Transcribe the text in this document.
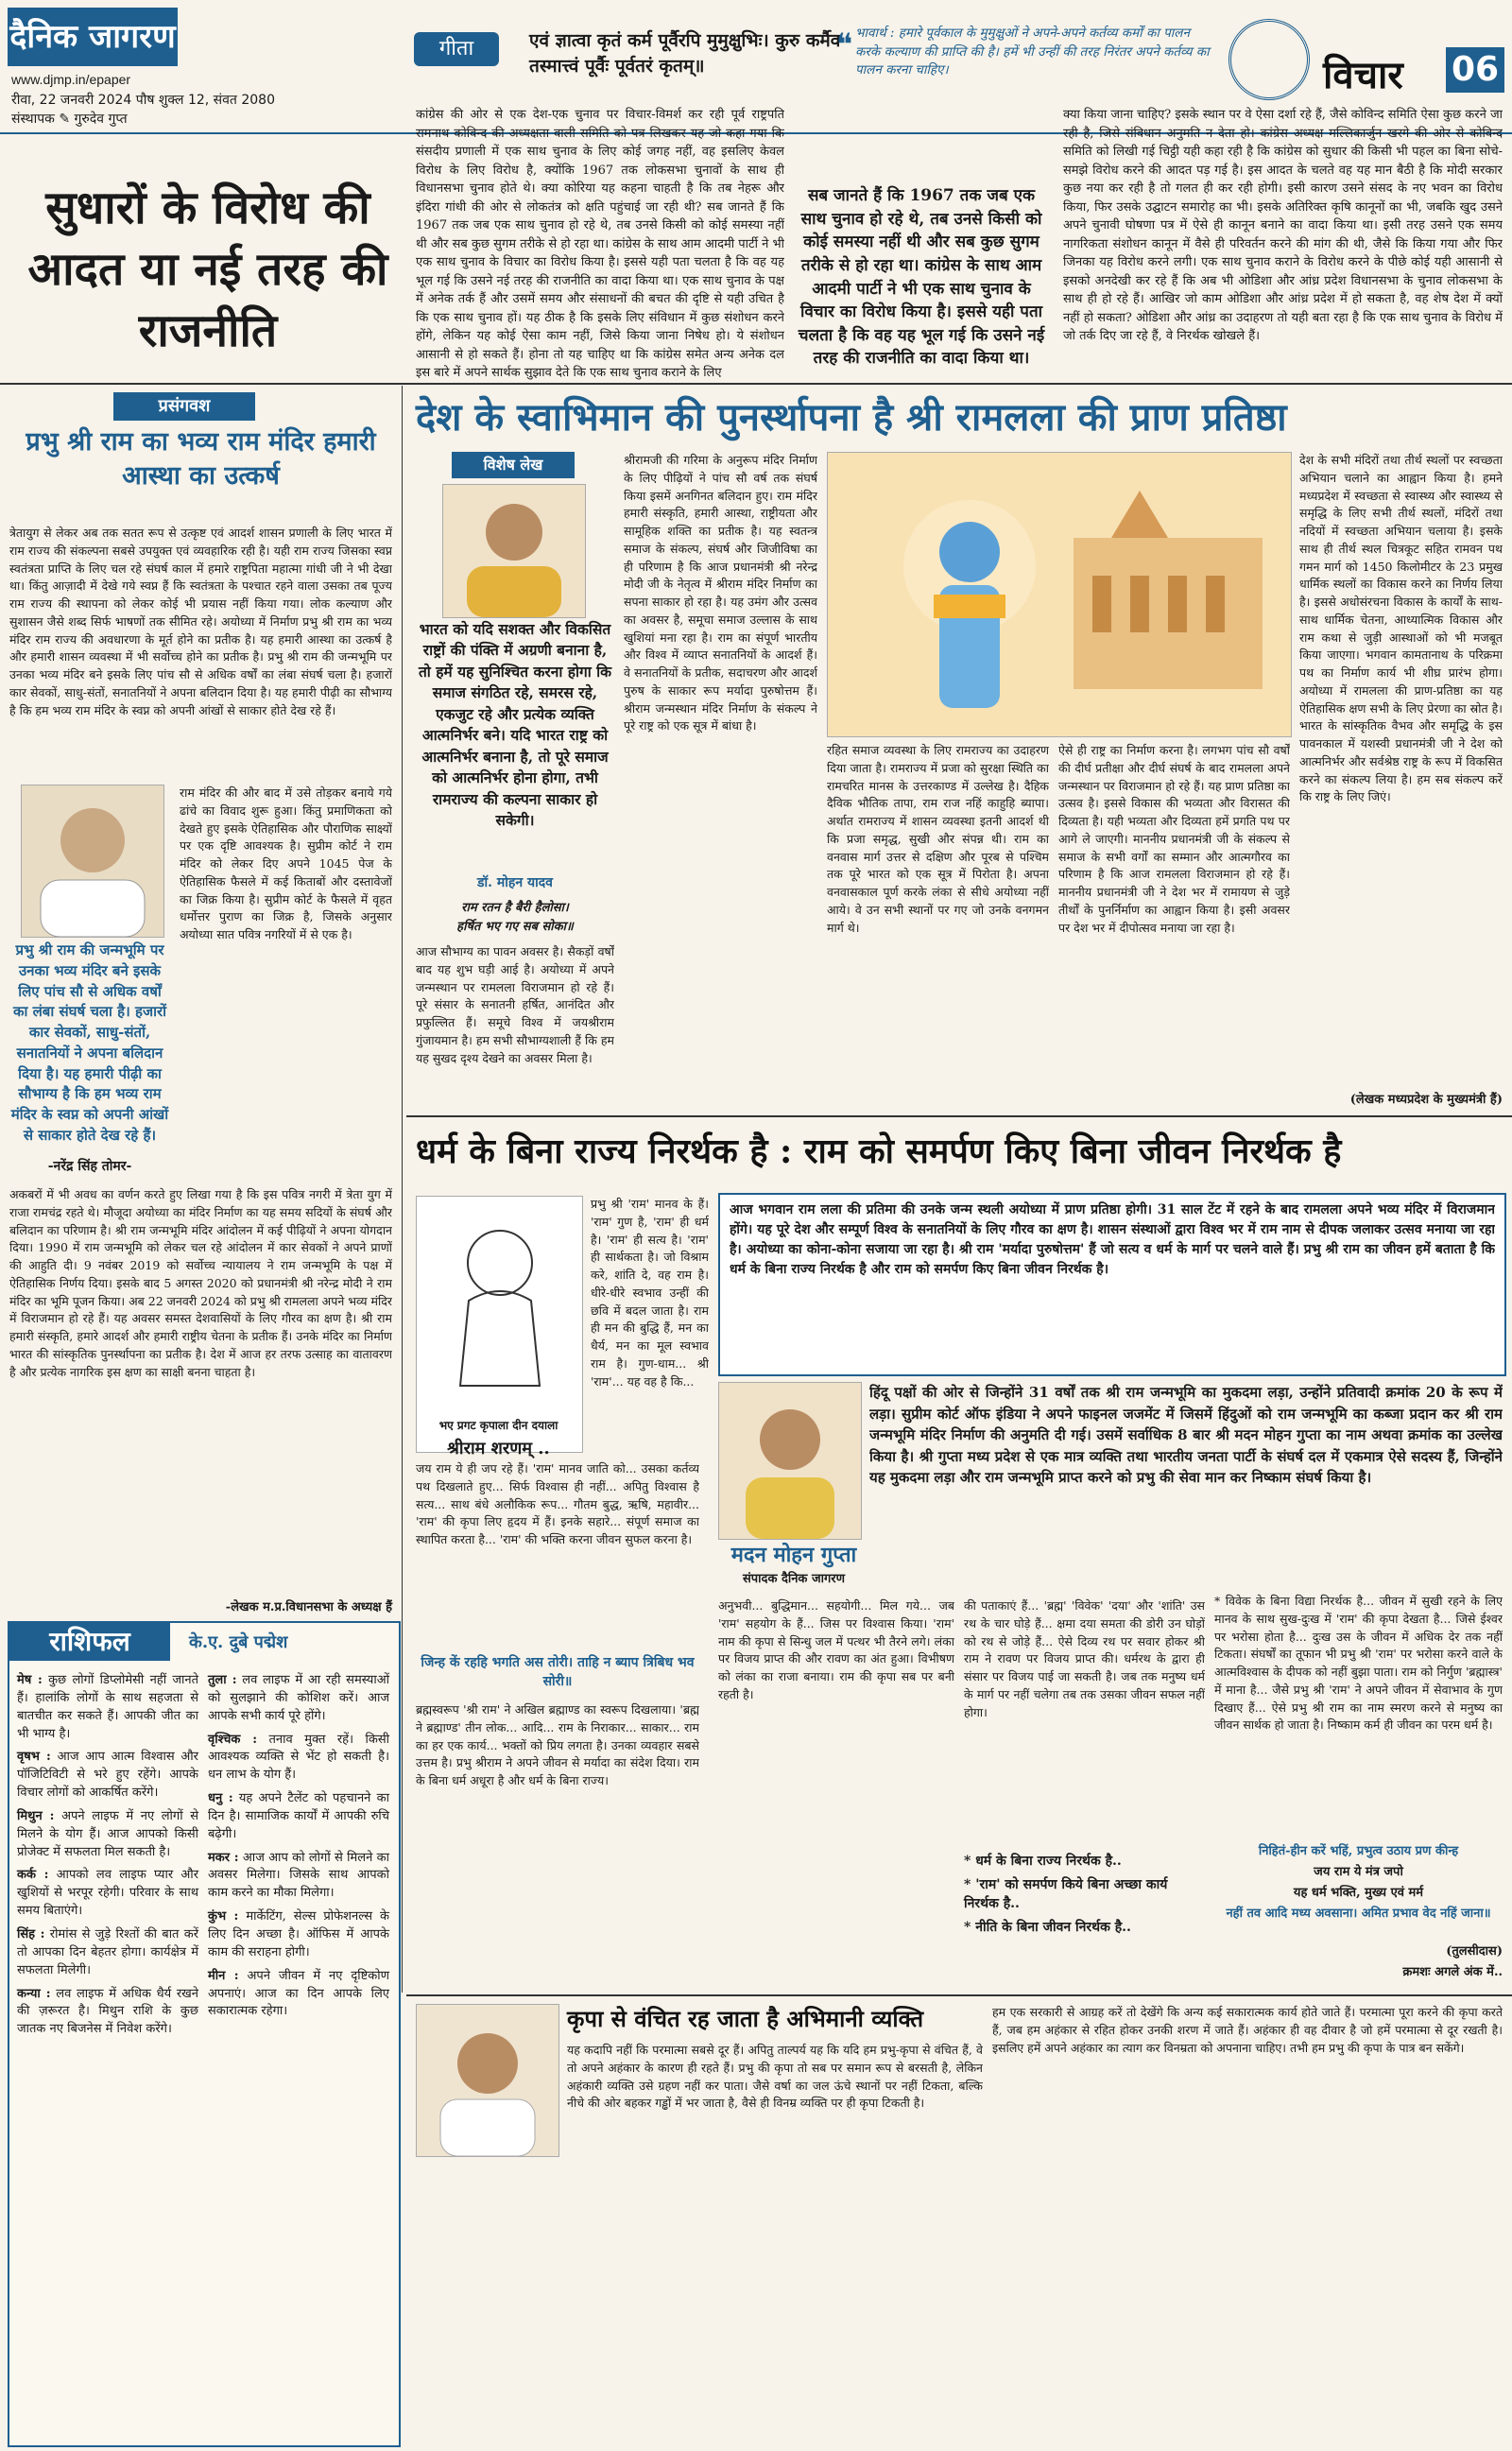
दैनिक जागरण
www.djmp.in/epaper
रीवा, 22 जनवरी 2024 पौष शुक्ल 12, संवत 2080
संस्थापक ✎ गुरुदेव गुप्त
गीता	एवं ज्ञात्वा कृतं कर्म पूर्वैरपि मुमुक्षुभिः। कुरु कर्मैव तस्मात्त्वं पूर्वैः पूर्वतरं कृतम्॥
❝ भावार्थ : हमारे पूर्वकाल के मुमुक्षुओं ने अपने-अपने कर्तव्य कर्मों का पालन करके कल्याण की प्राप्ति की है। हमें भी उन्हीं की तरह निरंतर अपने कर्तव्य का पालन करना चाहिए।	विचार	06
सुधारों के विरोध की आदत या नई तरह की राजनीति
कांग्रेस की ओर से एक देश-एक चुनाव पर विचार-विमर्श कर रही पूर्व राष्ट्रपति रामनाथ कोविन्द की अध्यक्षता वाली समिति को पत्र लिखकर यह जो कहा गया कि संसदीय प्रणाली में एक साथ चुनाव के लिए कोई जगह नहीं, वह इसलिए केवल विरोध के लिए विरोध है, क्योंकि 1967 तक लोकसभा चुनावों के साथ ही विधानसभा चुनाव होते थे। क्या कोरिया यह कहना चाहती है कि तब नेहरू और इंदिरा गांधी की ओर से लोकतंत्र को क्षति पहुंचाई जा रही थी? सब जानते हैं कि 1967 तक जब एक साथ चुनाव हो रहे थे, तब उनसे किसी को कोई समस्या नहीं थी और सब कुछ सुगम तरीके से हो रहा था। कांग्रेस के साथ आम आदमी पार्टी ने भी एक साथ चुनाव के विचार का विरोध किया है। इससे यही पता चलता है कि वह यह भूल गई कि उसने नई तरह की राजनीति का वादा किया था। एक साथ चुनाव के पक्ष में अनेक तर्क हैं और उसमें समय और संसाधनों की बचत की दृष्टि से यही उचित है कि एक साथ चुनाव हों। यह ठीक है कि इसके लिए संविधान में कुछ संशोधन करने होंगे, लेकिन यह कोई ऐसा काम नहीं, जिसे किया जाना निषेध हो। ये संशोधन आसानी से हो सकते हैं। होना तो यह चाहिए था कि कांग्रेस समेत अन्य अनेक दल इस बारे में अपने सार्थक सुझाव देते कि एक साथ चुनाव कराने के लिए
सब जानते हैं कि 1967 तक जब एक साथ चुनाव हो रहे थे, तब उनसे किसी को कोई समस्या नहीं थी और सब कुछ सुगम तरीके से हो रहा था। कांग्रेस के साथ आम आदमी पार्टी ने भी एक साथ चुनाव के विचार का विरोध किया है। इससे यही पता चलता है कि वह यह भूल गई कि उसने नई तरह की राजनीति का वादा किया था।
क्या किया जाना चाहिए? इसके स्थान पर वे ऐसा दर्शा रहे हैं, जैसे कोविन्द समिति ऐसा कुछ करने जा रही है, जिसे संविधान अनुमति न देता हो। कांग्रेस अध्यक्ष मल्लिकार्जुन खरगे की ओर से कोविन्द समिति को लिखी गई चिट्ठी यही कहा रही है कि कांग्रेस को सुधार की किसी भी पहल का बिना सोचे-समझे विरोध करने की आदत पड़ गई है। इस आदत के चलते वह यह मान बैठी है कि मोदी सरकार कुछ नया कर रही है तो गलत ही कर रही होगी। इसी कारण उसने संसद के नए भवन का विरोध किया, फिर उसके उद्घाटन समारोह का भी। इसके अतिरिक्त कृषि कानूनों का भी, जबकि खुद उसने अपने चुनावी घोषणा पत्र में ऐसे ही कानून बनाने का वादा किया था। इसी तरह उसने एक समय नागरिकता संशोधन कानून में वैसे ही परिवर्तन करने की मांग की थी, जैसे कि किया गया और फिर जिनका यह विरोध करने लगी। एक साथ चुनाव कराने के विरोध करने के पीछे कोई यही आसानी से इसको अनदेखी कर रहे हैं कि अब भी ओडिशा और आंध्र प्रदेश विधानसभा के चुनाव लोकसभा के साथ ही हो रहे हैं। आखिर जो काम ओडिशा और आंध्र प्रदेश में हो सकता है, वह शेष देश में क्यों नहीं हो सकता? ओडिशा और आंध्र का उदाहरण तो यही बता रहा है कि एक साथ चुनाव के विरोध में जो तर्क दिए जा रहे हैं, वे निरर्थक खोखले हैं।
प्रसंगवश
प्रभु श्री राम का भव्य राम मंदिर हमारी आस्था का उत्कर्ष
त्रेतायुग से लेकर अब तक सतत रूप से उत्कृष्ट एवं आदर्श शासन प्रणाली के लिए भारत में राम राज्य की संकल्पना सबसे उपयुक्त एवं व्यवहारिक रही है। यही राम राज्य जिसका स्वप्न स्वतंत्रता प्राप्ति के लिए चल रहे संघर्ष काल में हमारे राष्ट्रपिता महात्मा गांधी जी ने भी देखा था। किंतु आज़ादी में देखे गये स्वप्न हैं कि स्वतंत्रता के पश्चात रहने वाला उसका तब पूज्य राम राज्य की स्थापना को लेकर कोई भी प्रयास नहीं किया गया। लोक कल्याण और सुशासन जैसे शब्द सिर्फ भाषणों तक सीमित रहे। अयोध्या में निर्माण प्रभु श्री राम का भव्य मंदिर राम राज्य की अवधारणा के मूर्त होने का प्रतीक है। यह हमारी आस्था का उत्कर्ष है और हमारी शासन व्यवस्था में भी सर्वोच्च होने का प्रतीक है। प्रभु श्री राम की जन्मभूमि पर उनका भव्य मंदिर बने इसके लिए पांच सौ से अधिक वर्षों का लंबा संघर्ष चला है। हजारों कार सेवकों, साधु-संतों, सनातनियों ने अपना बलिदान दिया है। यह हमारी पीढ़ी का सौभाग्य है कि हम भव्य राम मंदिर के स्वप्न को अपनी आंखों से साकार होते देख रहे हैं।
प्रभु श्री राम की जन्मभूमि पर उनका भव्य मंदिर बने इसके लिए पांच सौ से अधिक वर्षों का लंबा संघर्ष चला है। हजारों कार सेवकों, साधु-संतों, सनातनियों ने अपना बलिदान दिया है। यह हमारी पीढ़ी का सौभाग्य है कि हम भव्य राम मंदिर के स्वप्न को अपनी आंखों से साकार होते देख रहे हैं।
-नरेंद्र सिंह तोमर-
राम मंदिर की और बाद में उसे तोड़कर बनाये गये ढांचे का विवाद शुरू हुआ। किंतु प्रमाणिकता को देखते हुए इसके ऐतिहासिक और पौराणिक साक्ष्यों पर एक दृष्टि आवश्यक है। सुप्रीम कोर्ट ने राम मंदिर को लेकर दिए अपने 1045 पेज के ऐतिहासिक फैसले में कई किताबों और दस्तावेजों का जिक्र किया है। सुप्रीम कोर्ट के फैसले में वृहत धर्मोत्तर पुराण का जिक्र है, जिसके अनुसार अयोध्या सात पवित्र नगरियों में से एक है।
अकबरों में भी अवध का वर्णन करते हुए लिखा गया है कि इस पवित्र नगरी में त्रेता युग में राजा रामचंद्र रहते थे। मौजूदा अयोध्या का मंदिर निर्माण का यह समय सदियों के संघर्ष और बलिदान का परिणाम है। श्री राम जन्मभूमि मंदिर आंदोलन में कई पीढ़ियों ने अपना योगदान दिया। 1990 में राम जन्मभूमि को लेकर चल रहे आंदोलन में कार सेवकों ने अपने प्राणों की आहुति दी। 9 नवंबर 2019 को सर्वोच्च न्यायालय ने राम जन्मभूमि के पक्ष में ऐतिहासिक निर्णय दिया। इसके बाद 5 अगस्त 2020 को प्रधानमंत्री श्री नरेन्द्र मोदी ने राम मंदिर का भूमि पूजन किया। अब 22 जनवरी 2024 को प्रभु श्री रामलला अपने भव्य मंदिर में विराजमान हो रहे हैं। यह अवसर समस्त देशवासियों के लिए गौरव का क्षण है। श्री राम हमारी संस्कृति, हमारे आदर्श और हमारी राष्ट्रीय चेतना के प्रतीक हैं। उनके मंदिर का निर्माण भारत की सांस्कृतिक पुनर्स्थापना का प्रतीक है। देश में आज हर तरफ उत्साह का वातावरण है और प्रत्येक नागरिक इस क्षण का साक्षी बनना चाहता है।
-लेखक म.प्र.विधानसभा के अध्यक्ष हैं
देश के स्वाभिमान की पुनर्स्थापना है श्री रामलला की प्राण प्रतिष्ठा
विशेष लेख
भारत को यदि सशक्त और विकसित राष्ट्रों की पंक्ति में अग्रणी बनाना है, तो हमें यह सुनिश्चित करना होगा कि समाज संगठित रहे, समरस रहे, एकजुट रहे और प्रत्येक व्यक्ति आत्मनिर्भर बने। यदि भारत राष्ट्र को आत्मनिर्भर बनाना है, तो पूरे समाज को आत्मनिर्भर होना होगा, तभी रामराज्य की कल्पना साकार हो सकेगी।
डॉ. मोहन यादव
राम रतन है बैरी हैलोसा।
हर्षित भए गए सब सोका॥
आज सौभाग्य का पावन अवसर है। सैकड़ों वर्षों बाद यह शुभ घड़ी आई है। अयोध्या में अपने जन्मस्थान पर रामलला विराजमान हो रहे हैं। पूरे संसार के सनातनी हर्षित, आनंदित और प्रफुल्लित हैं। समूचे विश्व में जयश्रीराम गुंजायमान है। हम सभी सौभाग्यशाली हैं कि हम यह सुखद दृश्य देखने का अवसर मिला है।
श्रीरामजी की गरिमा के अनुरूप मंदिर निर्माण के लिए पीढ़ियों ने पांच सौ वर्ष तक संघर्ष किया इसमें अनगिनत बलिदान हुए। राम मंदिर हमारी संस्कृति, हमारी आस्था, राष्ट्रीयता और सामूहिक शक्ति का प्रतीक है। यह स्वतन्त्र समाज के संकल्प, संघर्ष और जिजीविषा का ही परिणाम है कि आज प्रधानमंत्री श्री नरेन्द्र मोदी जी के नेतृत्व में श्रीराम मंदिर निर्माण का सपना साकार हो रहा है। यह उमंग और उत्सव का अवसर है, समूचा समाज उल्लास के साथ खुशियां मना रहा है। राम का संपूर्ण भारतीय और विश्व में व्याप्त सनातनियों के आदर्श हैं। वे सनातनियों के प्रतीक, सदाचरण और आदर्श पुरुष के साकार रूप मर्यादा पुरुषोत्तम हैं। श्रीराम जन्मस्थान मंदिर निर्माण के संकल्प ने पूरे राष्ट्र को एक सूत्र में बांधा है।
रहित समाज व्यवस्था के लिए रामराज्य का उदाहरण दिया जाता है। रामराज्य में प्रजा को सुरक्षा स्थिति का रामचरित मानस के उत्तरकाण्ड में उल्लेख है। दैहिक दैविक भौतिक तापा, राम राज नहिं काहुहि ब्यापा। अर्थात रामराज्य में शासन व्यवस्था इतनी आदर्श थी कि प्रजा समृद्ध, सुखी और संपन्न थी। राम का वनवास मार्ग उत्तर से दक्षिण और पूरब से पश्चिम तक पूरे भारत को एक सूत्र में पिरोता है। अपना वनवासकाल पूर्ण करके लंका से सीधे अयोध्या नहीं आये। वे उन सभी स्थानों पर गए जो उनके वनगमन मार्ग थे।
ऐसे ही राष्ट्र का निर्माण करना है। लगभग पांच सौ वर्षों की दीर्घ प्रतीक्षा और दीर्घ संघर्ष के बाद रामलला अपने जन्मस्थान पर विराजमान हो रहे हैं। यह प्राण प्रतिष्ठा का उत्सव है। इससे विकास की भव्यता और विरासत की दिव्यता है। यही भव्यता और दिव्यता हमें प्रगति पथ पर आगे ले जाएगी। माननीय प्रधानमंत्री जी के संकल्प से समाज के सभी वर्गों का सम्मान और आत्मगौरव का परिणाम है कि आज रामलला विराजमान हो रहे हैं। माननीय प्रधानमंत्री जी ने देश भर में रामायण से जुड़े तीर्थों के पुनर्निर्माण का आह्वान किया है। इसी अवसर पर देश भर में दीपोत्सव मनाया जा रहा है।
देश के सभी मंदिरों तथा तीर्थ स्थलों पर स्वच्छता अभियान चलाने का आह्वान किया है। हमने मध्यप्रदेश में स्वच्छता से स्वास्थ्य और स्वास्थ्य से समृद्धि के लिए सभी तीर्थ स्थलों, मंदिरों तथा नदियों में स्वच्छता अभियान चलाया है। इसके साथ ही तीर्थ स्थल चित्रकूट सहित रामवन पथ गमन मार्ग को 1450 किलोमीटर के 23 प्रमुख धार्मिक स्थलों का विकास करने का निर्णय लिया है। इससे अधोसंरचना विकास के कार्यों के साथ-साथ धार्मिक चेतना, आध्यात्मिक विकास और राम कथा से जुड़ी आस्थाओं को भी मजबूत किया जाएगा। भगवान कामतानाथ के परिक्रमा पथ का निर्माण कार्य भी शीघ्र प्रारंभ होगा। अयोध्या में रामलला की प्राण-प्रतिष्ठा का यह ऐतिहासिक क्षण सभी के लिए प्रेरणा का स्रोत है। भारत के सांस्कृतिक वैभव और समृद्धि के इस पावनकाल में यशस्वी प्रधानमंत्री जी ने देश को आत्मनिर्भर और सर्वश्रेष्ठ राष्ट्र के रूप में विकसित करने का संकल्प लिया है। हम सब संकल्प करें कि राष्ट्र के लिए जिएं।
(लेखक मध्यप्रदेश के मुख्यमंत्री हैं)
धर्म के बिना राज्य निरर्थक है : राम को समर्पण किए बिना जीवन निरर्थक है
भए प्रगट कृपाला दीन दयाला
श्रीराम शरणम् ..
प्रभु श्री 'राम' मानव के हैं। 'राम' गुण है, 'राम' ही धर्म है। 'राम' ही सत्य है। 'राम' ही सार्थकता है। जो विश्राम करे, शांति दे, वह राम है। धीरे-धीरे स्वभाव उन्हीं की छवि में बदल जाता है। राम ही मन की बुद्धि हैं, मन का धैर्य, मन का मूल स्वभाव राम है। गुण-धाम... श्री 'राम'... यह वह है कि...
आज भगवान राम लला की प्रतिमा की उनके जन्म स्थली अयोध्या में प्राण प्रतिष्ठा होगी। 31 साल टेंट में रहने के बाद रामलला अपने भव्य मंदिर में विराजमान होंगे। यह पूरे देश और सम्पूर्ण विश्व के सनातनियों के लिए गौरव का क्षण है। शासन संस्थाओं द्वारा विश्व भर में राम नाम से दीपक जलाकर उत्सव मनाया जा रहा है। अयोध्या का कोना-कोना सजाया जा रहा है। श्री राम 'मर्यादा पुरुषोत्तम' हैं जो सत्य व धर्म के मार्ग पर चलने वाले हैं। प्रभु श्री राम का जीवन हमें बताता है कि धर्म के बिना राज्य निरर्थक है और राम को समर्पण किए बिना जीवन निरर्थक है।
जय राम ये ही जप रहे हैं। 'राम' मानव जाति को... उसका कर्तव्य पथ दिखलाते हुए... सिर्फ विश्वास ही नहीं... अपितु विश्वास है सत्य... साथ बंधे अलौकिक रूप... गौतम बुद्ध, ऋषि, महावीर... 'राम' की कृपा लिए हृदय में हैं। इनके सहारे... संपूर्ण समाज का स्थापित करता है... 'राम' की भक्ति करना जीवन सुफल करना है।
जिन्ह कें रहहि भगति अस तोरी। ताहि न ब्याप त्रिबिध भव सोरी॥
ब्रह्मस्वरूप 'श्री राम' ने अखिल ब्रह्माण्ड का स्वरूप दिखलाया। 'ब्रह्म ने ब्रह्माण्ड' तीन लोक... आदि... राम के निराकार... साकार... राम का हर एक कार्य... भक्तों को प्रिय लगता है। उनका व्यवहार सबसे उत्तम है। प्रभु श्रीराम ने अपने जीवन से मर्यादा का संदेश दिया। राम के बिना धर्म अधूरा है और धर्म के बिना राज्य।
हिंदू पक्षों की ओर से जिन्होंने 31 वर्षों तक श्री राम जन्मभूमि का मुकदमा लड़ा, उन्होंने प्रतिवादी क्रमांक 20 के रूप में लड़ा। सुप्रीम कोर्ट ऑफ इंडिया ने अपने फाइनल जजमेंट में जिसमें हिंदुओं को राम जन्मभूमि का कब्जा प्रदान कर श्री राम जन्मभूमि मंदिर निर्माण की अनुमति दी गई। उसमें सर्वाधिक 8 बार श्री मदन मोहन गुप्ता का नाम अथवा क्रमांक का उल्लेख किया है। श्री गुप्ता मध्य प्रदेश से एक मात्र व्यक्ति तथा भारतीय जनता पार्टी के संघर्ष दल में एकमात्र ऐसे सदस्य हैं, जिन्होंने यह मुकदमा लड़ा और राम जन्मभूमि प्राप्त करने को प्रभु की सेवा मान कर निष्काम संघर्ष किया है।
मदन मोहन गुप्ता
संपादक दैनिक जागरण
अनुभवी... बुद्धिमान... सहयोगी... मिल गये... जब 'राम' सहयोग के हैं... जिस पर विश्वास किया। 'राम' नाम की कृपा से सिन्धु जल में पत्थर भी तैरने लगे। लंका पर विजय प्राप्त की और रावण का अंत हुआ। विभीषण को लंका का राजा बनाया। राम की कृपा सब पर बनी रहती है।
की पताकाएं हैं... 'ब्रह्म' 'विवेक' 'दया' और 'शांति' उस रथ के चार घोड़े हैं... क्षमा दया समता की डोरी उन घोड़ों को रथ से जोड़े हैं... ऐसे दिव्य रथ पर सवार होकर श्री राम ने रावण पर विजय प्राप्त की। धर्मरथ के द्वारा ही संसार पर विजय पाई जा सकती है। जब तक मनुष्य धर्म के मार्ग पर नहीं चलेगा तब तक उसका जीवन सफल नहीं होगा।
* धर्म के बिना राज्य निरर्थक है..
* 'राम' को समर्पण किये बिना अच्छा कार्य निरर्थक है..
* नीति के बिना जीवन निरर्थक है..
* विवेक के बिना विद्या निरर्थक है... जीवन में सुखी रहने के लिए मानव के साथ सुख-दुःख में 'राम' की कृपा देखता है... जिसे ईश्वर पर भरोसा होता है... दुःख उस के जीवन में अधिक देर तक नहीं टिकता। संघर्षों का तूफान भी प्रभु श्री 'राम' पर भरोसा करने वाले के आत्मविश्वास के दीपक को नहीं बुझा पाता। राम को निर्गुण 'ब्रह्मास्त्र' में माना है... जैसे प्रभु श्री 'राम' ने अपने जीवन में सेवाभाव के गुण दिखाए हैं... ऐसे प्रभु श्री राम का नाम स्मरण करने से मनुष्य का जीवन सार्थक हो जाता है। निष्काम कर्म ही जीवन का परम धर्म है।
निहितं-हीन करें भहिं, प्रभुत्व उठाय प्रण कीन्ह
जय राम ये मंत्र जपो
यह धर्म भक्ति, मुख्य एवं मर्म
नहीं तव आदि मध्य अवसाना। अमित प्रभाव वेद नहिं जाना॥
(तुलसीदास)
क्रमशः अगले अंक में..
राशिफल	के.ए. दुबे पद्मेश
मेष : कुछ लोगों डिप्लोमेसी नहीं जानते हैं। हालांकि लोगों के साथ सहजता से बातचीत कर सकते हैं। आपकी जीत का भी भाग्य है।
वृषभ : आज आप आत्म विश्वास और पॉजिटिविटी से भरे हुए रहेंगे। आपके विचार लोगों को आकर्षित करेंगे।
मिथुन : अपने लाइफ में नए लोगों से मिलने के योग हैं। आज आपको किसी प्रोजेक्ट में सफलता मिल सकती है।
कर्क : आपको लव लाइफ प्यार और खुशियों से भरपूर रहेगी। परिवार के साथ समय बिताएंगे।
सिंह : रोमांस से जुड़े रिश्तों की बात करें तो आपका दिन बेहतर होगा। कार्यक्षेत्र में सफलता मिलेगी।
कन्या : लव लाइफ में अधिक धैर्य रखने की ज़रूरत है। मिथुन राशि के कुछ जातक नए बिजनेस में निवेश करेंगे।
तुला : लव लाइफ में आ रही समस्याओं को सुलझाने की कोशिश करें। आज आपके सभी कार्य पूरे होंगे।
वृश्चिक : तनाव मुक्त रहें। किसी आवश्यक व्यक्ति से भेंट हो सकती है। धन लाभ के योग हैं।
धनु : यह अपने टैलेंट को पहचानने का दिन है। सामाजिक कार्यों में आपकी रुचि बढ़ेगी।
मकर : आज आप को लोगों से मिलने का अवसर मिलेगा। जिसके साथ आपको काम करने का मौका मिलेगा।
कुंभ : मार्केटिंग, सेल्स प्रोफेशनल्स के लिए दिन अच्छा है। ऑफिस में आपके काम की सराहना होगी।
मीन : अपने जीवन में नए दृष्टिकोण अपनाएं। आज का दिन आपके लिए सकारात्मक रहेगा।	कृपा से वंचित रह जाता है अभिमानी व्यक्ति
यह कदापि नहीं कि परमात्मा सबसे दूर हैं। अपितु ताल्पर्य यह कि यदि हम प्रभु-कृपा से वंचित हैं, वे तो अपने अहंकार के कारण ही रहते हैं। प्रभु की कृपा तो सब पर समान रूप से बरसती है, लेकिन अहंकारी व्यक्ति उसे ग्रहण नहीं कर पाता। जैसे वर्षा का जल ऊंचे स्थानों पर नहीं टिकता, बल्कि नीचे की ओर बहकर गड्ढों में भर जाता है, वैसे ही विनम्र व्यक्ति पर ही कृपा टिकती है।
हम एक सरकारी से आग्रह करें तो देखेंगे कि अन्य कई सकारात्मक कार्य होते जाते हैं। परमात्मा पूरा करने की कृपा करते हैं, जब हम अहंकार से रहित होकर उनकी शरण में जाते हैं। अहंकार ही वह दीवार है जो हमें परमात्मा से दूर रखती है। इसलिए हमें अपने अहंकार का त्याग कर विनम्रता को अपनाना चाहिए। तभी हम प्रभु की कृपा के पात्र बन सकेंगे।
